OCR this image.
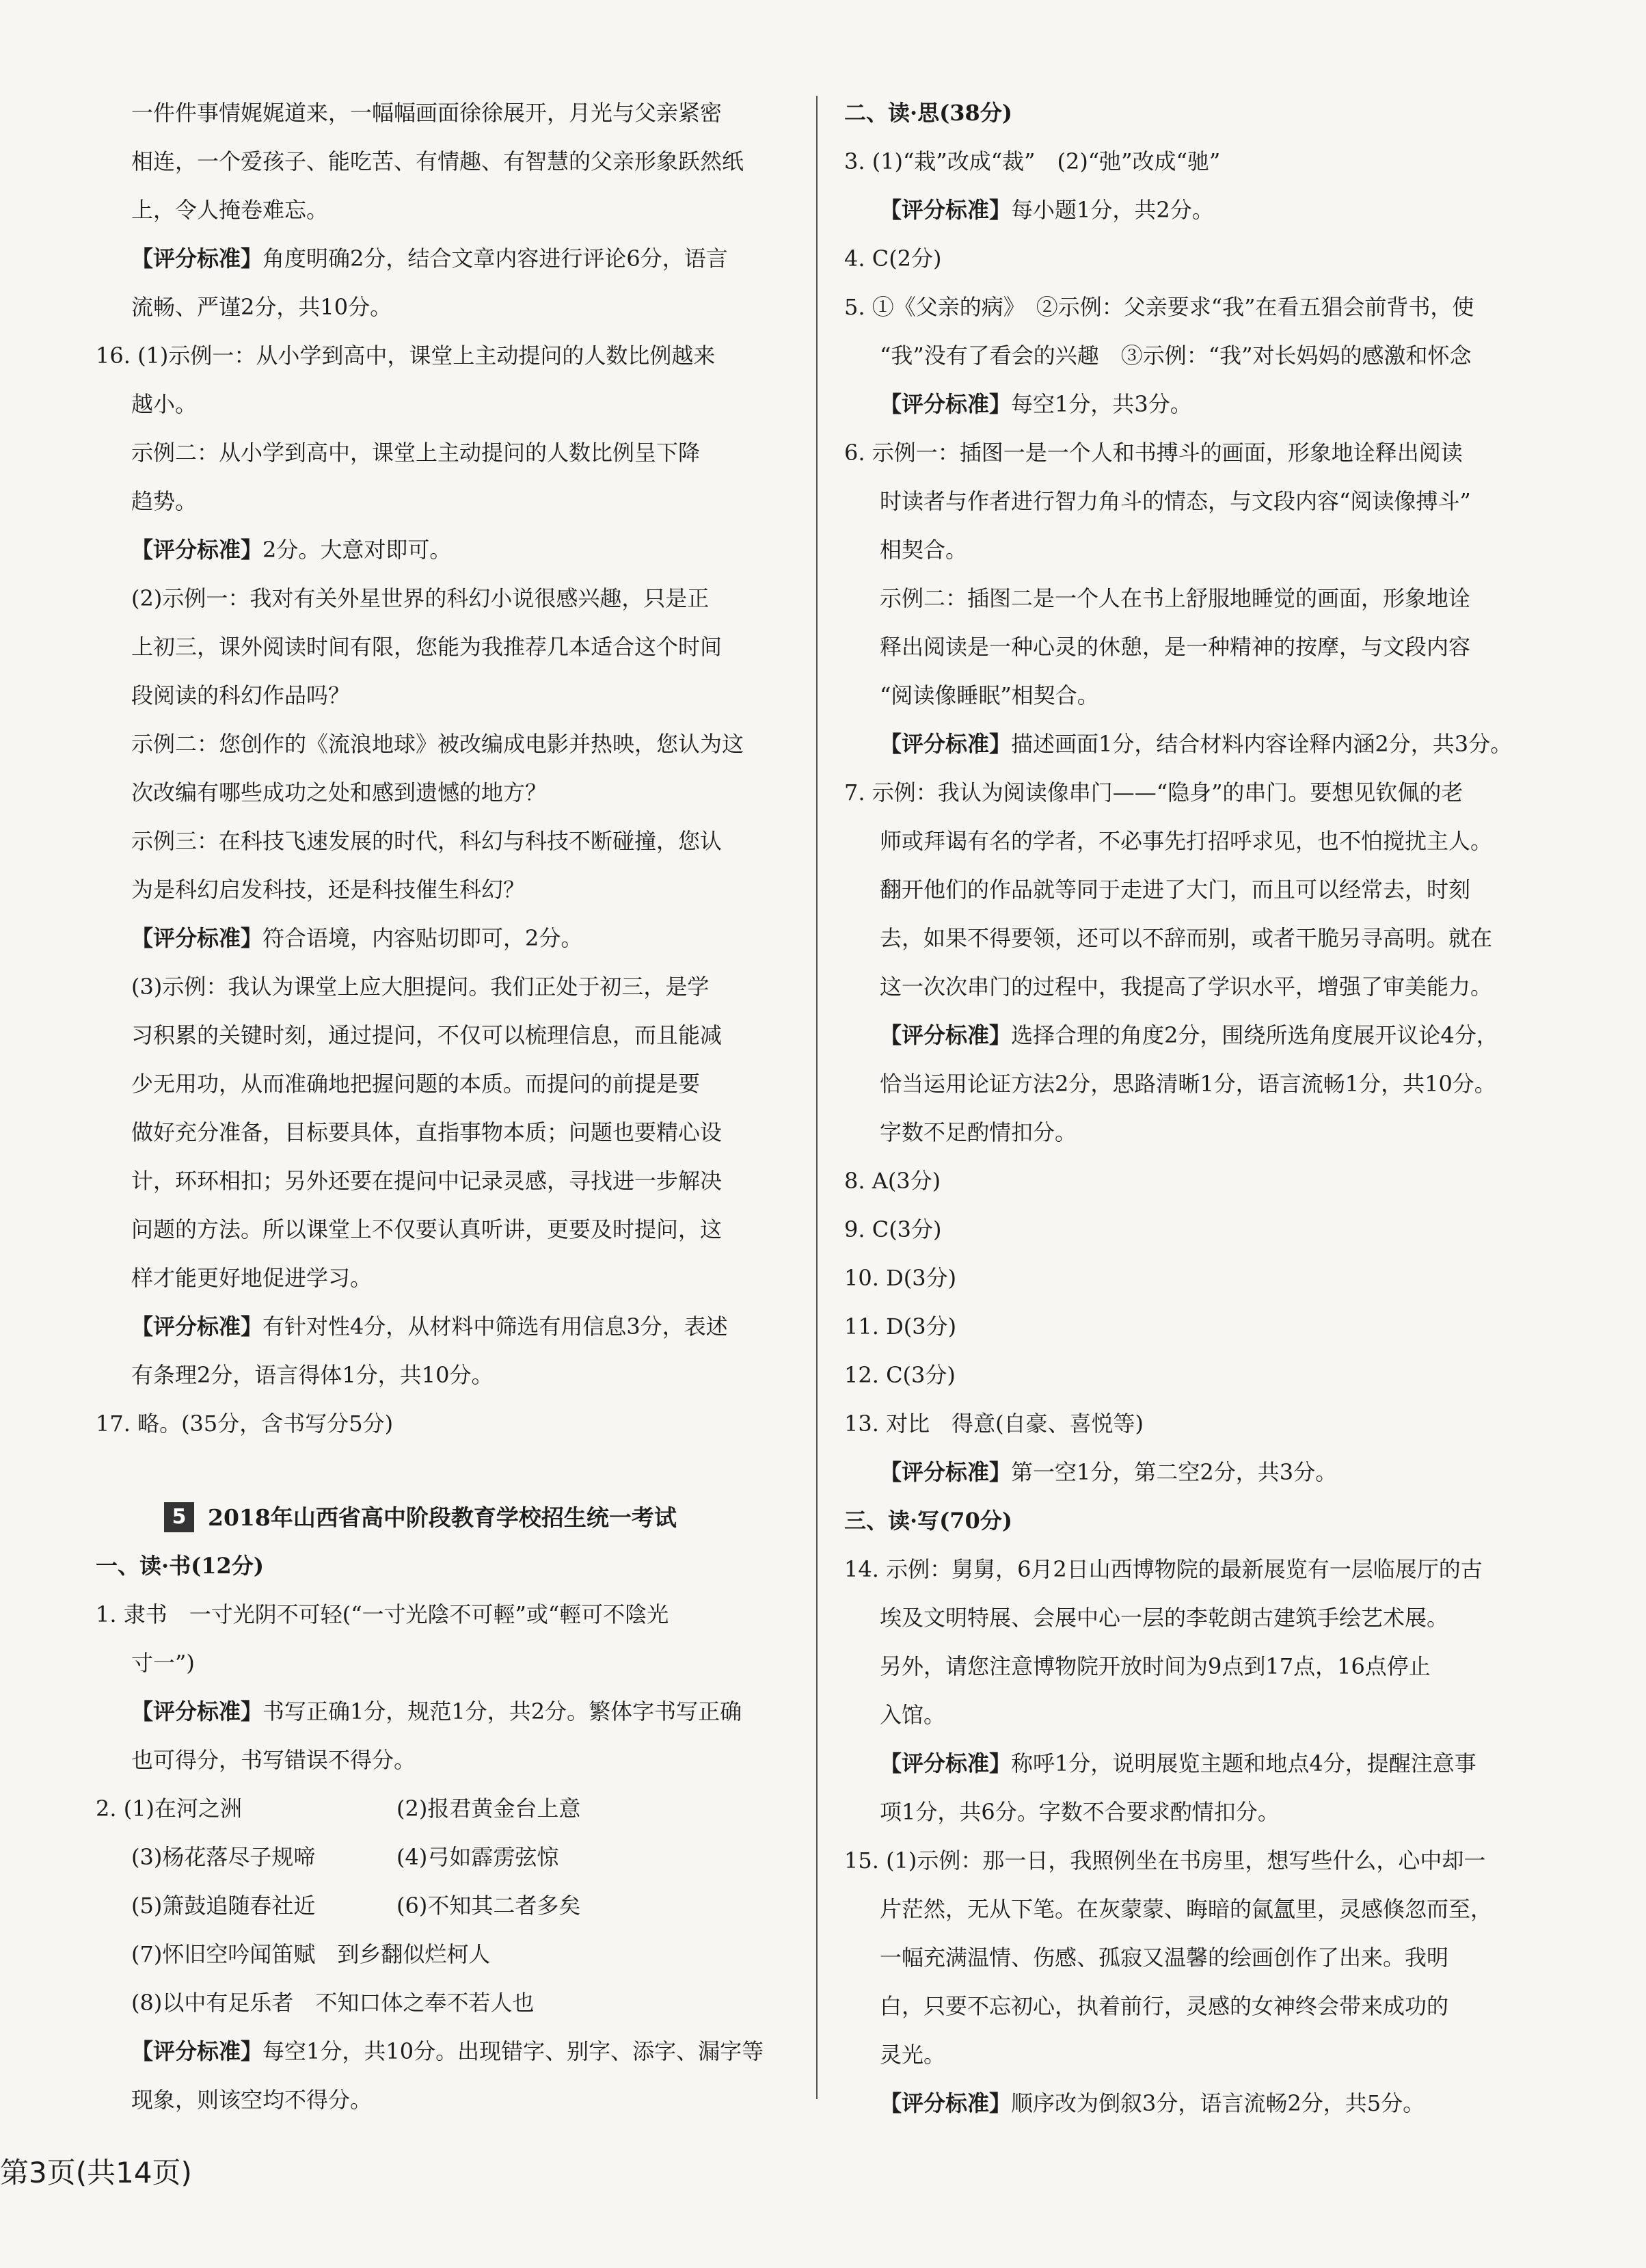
一件件事情娓娓道来，一幅幅画面徐徐展开，月光与父亲紧密
相连，一个爱孩子、能吃苦、有情趣、有智慧的父亲形象跃然纸
上，令人掩卷难忘。
【评分标准】角度明确2分，结合文章内容进行评论6分，语言
流畅、严谨2分，共10分。
16. (1)示例一：从小学到高中，课堂上主动提问的人数比例越来
越小。
示例二：从小学到高中，课堂上主动提问的人数比例呈下降
趋势。
【评分标准】2分。大意对即可。
(2)示例一：我对有关外星世界的科幻小说很感兴趣，只是正
上初三，课外阅读时间有限，您能为我推荐几本适合这个时间
段阅读的科幻作品吗？
示例二：您创作的《流浪地球》被改编成电影并热映，您认为这
次改编有哪些成功之处和感到遗憾的地方？
示例三：在科技飞速发展的时代，科幻与科技不断碰撞，您认
为是科幻启发科技，还是科技催生科幻？
【评分标准】符合语境，内容贴切即可，2分。
(3)示例：我认为课堂上应大胆提问。我们正处于初三，是学
习积累的关键时刻，通过提问，不仅可以梳理信息，而且能减
少无用功，从而准确地把握问题的本质。而提问的前提是要
做好充分准备，目标要具体，直指事物本质；问题也要精心设
计，环环相扣；另外还要在提问中记录灵感，寻找进一步解决
问题的方法。所以课堂上不仅要认真听讲，更要及时提问，这
样才能更好地促进学习。
【评分标准】有针对性4分，从材料中筛选有用信息3分，表述
有条理2分，语言得体1分，共10分。
17. 略。(35分，含书写分5分)
5 2018年山西省高中阶段教育学校招生统一考试
一、读·书(12分)
1. 隶书　一寸光阴不可轻(“一寸光陰不可輕”或“輕可不陰光
寸一”)
【评分标准】书写正确1分，规范1分，共2分。繁体字书写正确
也可得分，书写错误不得分。
2. (1)在河之洲	(2)报君黄金台上意
(3)杨花落尽子规啼	(4)弓如霹雳弦惊
(5)箫鼓追随春社近	(6)不知其二者多矣
(7)怀旧空吟闻笛赋　到乡翻似烂柯人
(8)以中有足乐者　不知口体之奉不若人也
【评分标准】每空1分，共10分。出现错字、别字、添字、漏字等
现象，则该空均不得分。
二、读·思(38分)
3. (1)“栽”改成“裁”　(2)“弛”改成“驰”
【评分标准】每小题1分，共2分。
4. C(2分)
5. ①《父亲的病》　②示例：父亲要求“我”在看五猖会前背书，使
“我”没有了看会的兴趣　③示例：“我”对长妈妈的感激和怀念
【评分标准】每空1分，共3分。
6. 示例一：插图一是一个人和书搏斗的画面，形象地诠释出阅读
时读者与作者进行智力角斗的情态，与文段内容“阅读像搏斗”
相契合。
示例二：插图二是一个人在书上舒服地睡觉的画面，形象地诠
释出阅读是一种心灵的休憩，是一种精神的按摩，与文段内容
“阅读像睡眠”相契合。
【评分标准】描述画面1分，结合材料内容诠释内涵2分，共3分。
7. 示例：我认为阅读像串门——“隐身”的串门。要想见钦佩的老
师或拜谒有名的学者，不必事先打招呼求见，也不怕搅扰主人。
翻开他们的作品就等同于走进了大门，而且可以经常去，时刻
去，如果不得要领，还可以不辞而别，或者干脆另寻高明。就在
这一次次串门的过程中，我提高了学识水平，增强了审美能力。
【评分标准】选择合理的角度2分，围绕所选角度展开议论4分，
恰当运用论证方法2分，思路清晰1分，语言流畅1分，共10分。
字数不足酌情扣分。
8. A(3分)
9. C(3分)
10. D(3分)
11. D(3分)
12. C(3分)
13. 对比　得意(自豪、喜悦等)
【评分标准】第一空1分，第二空2分，共3分。
三、读·写(70分)
14. 示例：舅舅，6月2日山西博物院的最新展览有一层临展厅的古
埃及文明特展、会展中心一层的李乾朗古建筑手绘艺术展。
另外，请您注意博物院开放时间为9点到17点，16点停止
入馆。
【评分标准】称呼1分，说明展览主题和地点4分，提醒注意事
项1分，共6分。字数不合要求酌情扣分。
15. (1)示例：那一日，我照例坐在书房里，想写些什么，心中却一
片茫然，无从下笔。在灰蒙蒙、晦暗的氤氲里，灵感倏忽而至，
一幅充满温情、伤感、孤寂又温馨的绘画创作了出来。我明
白，只要不忘初心，执着前行，灵感的女神终会带来成功的
灵光。
【评分标准】顺序改为倒叙3分，语言流畅2分，共5分。
第3页(共14页)
